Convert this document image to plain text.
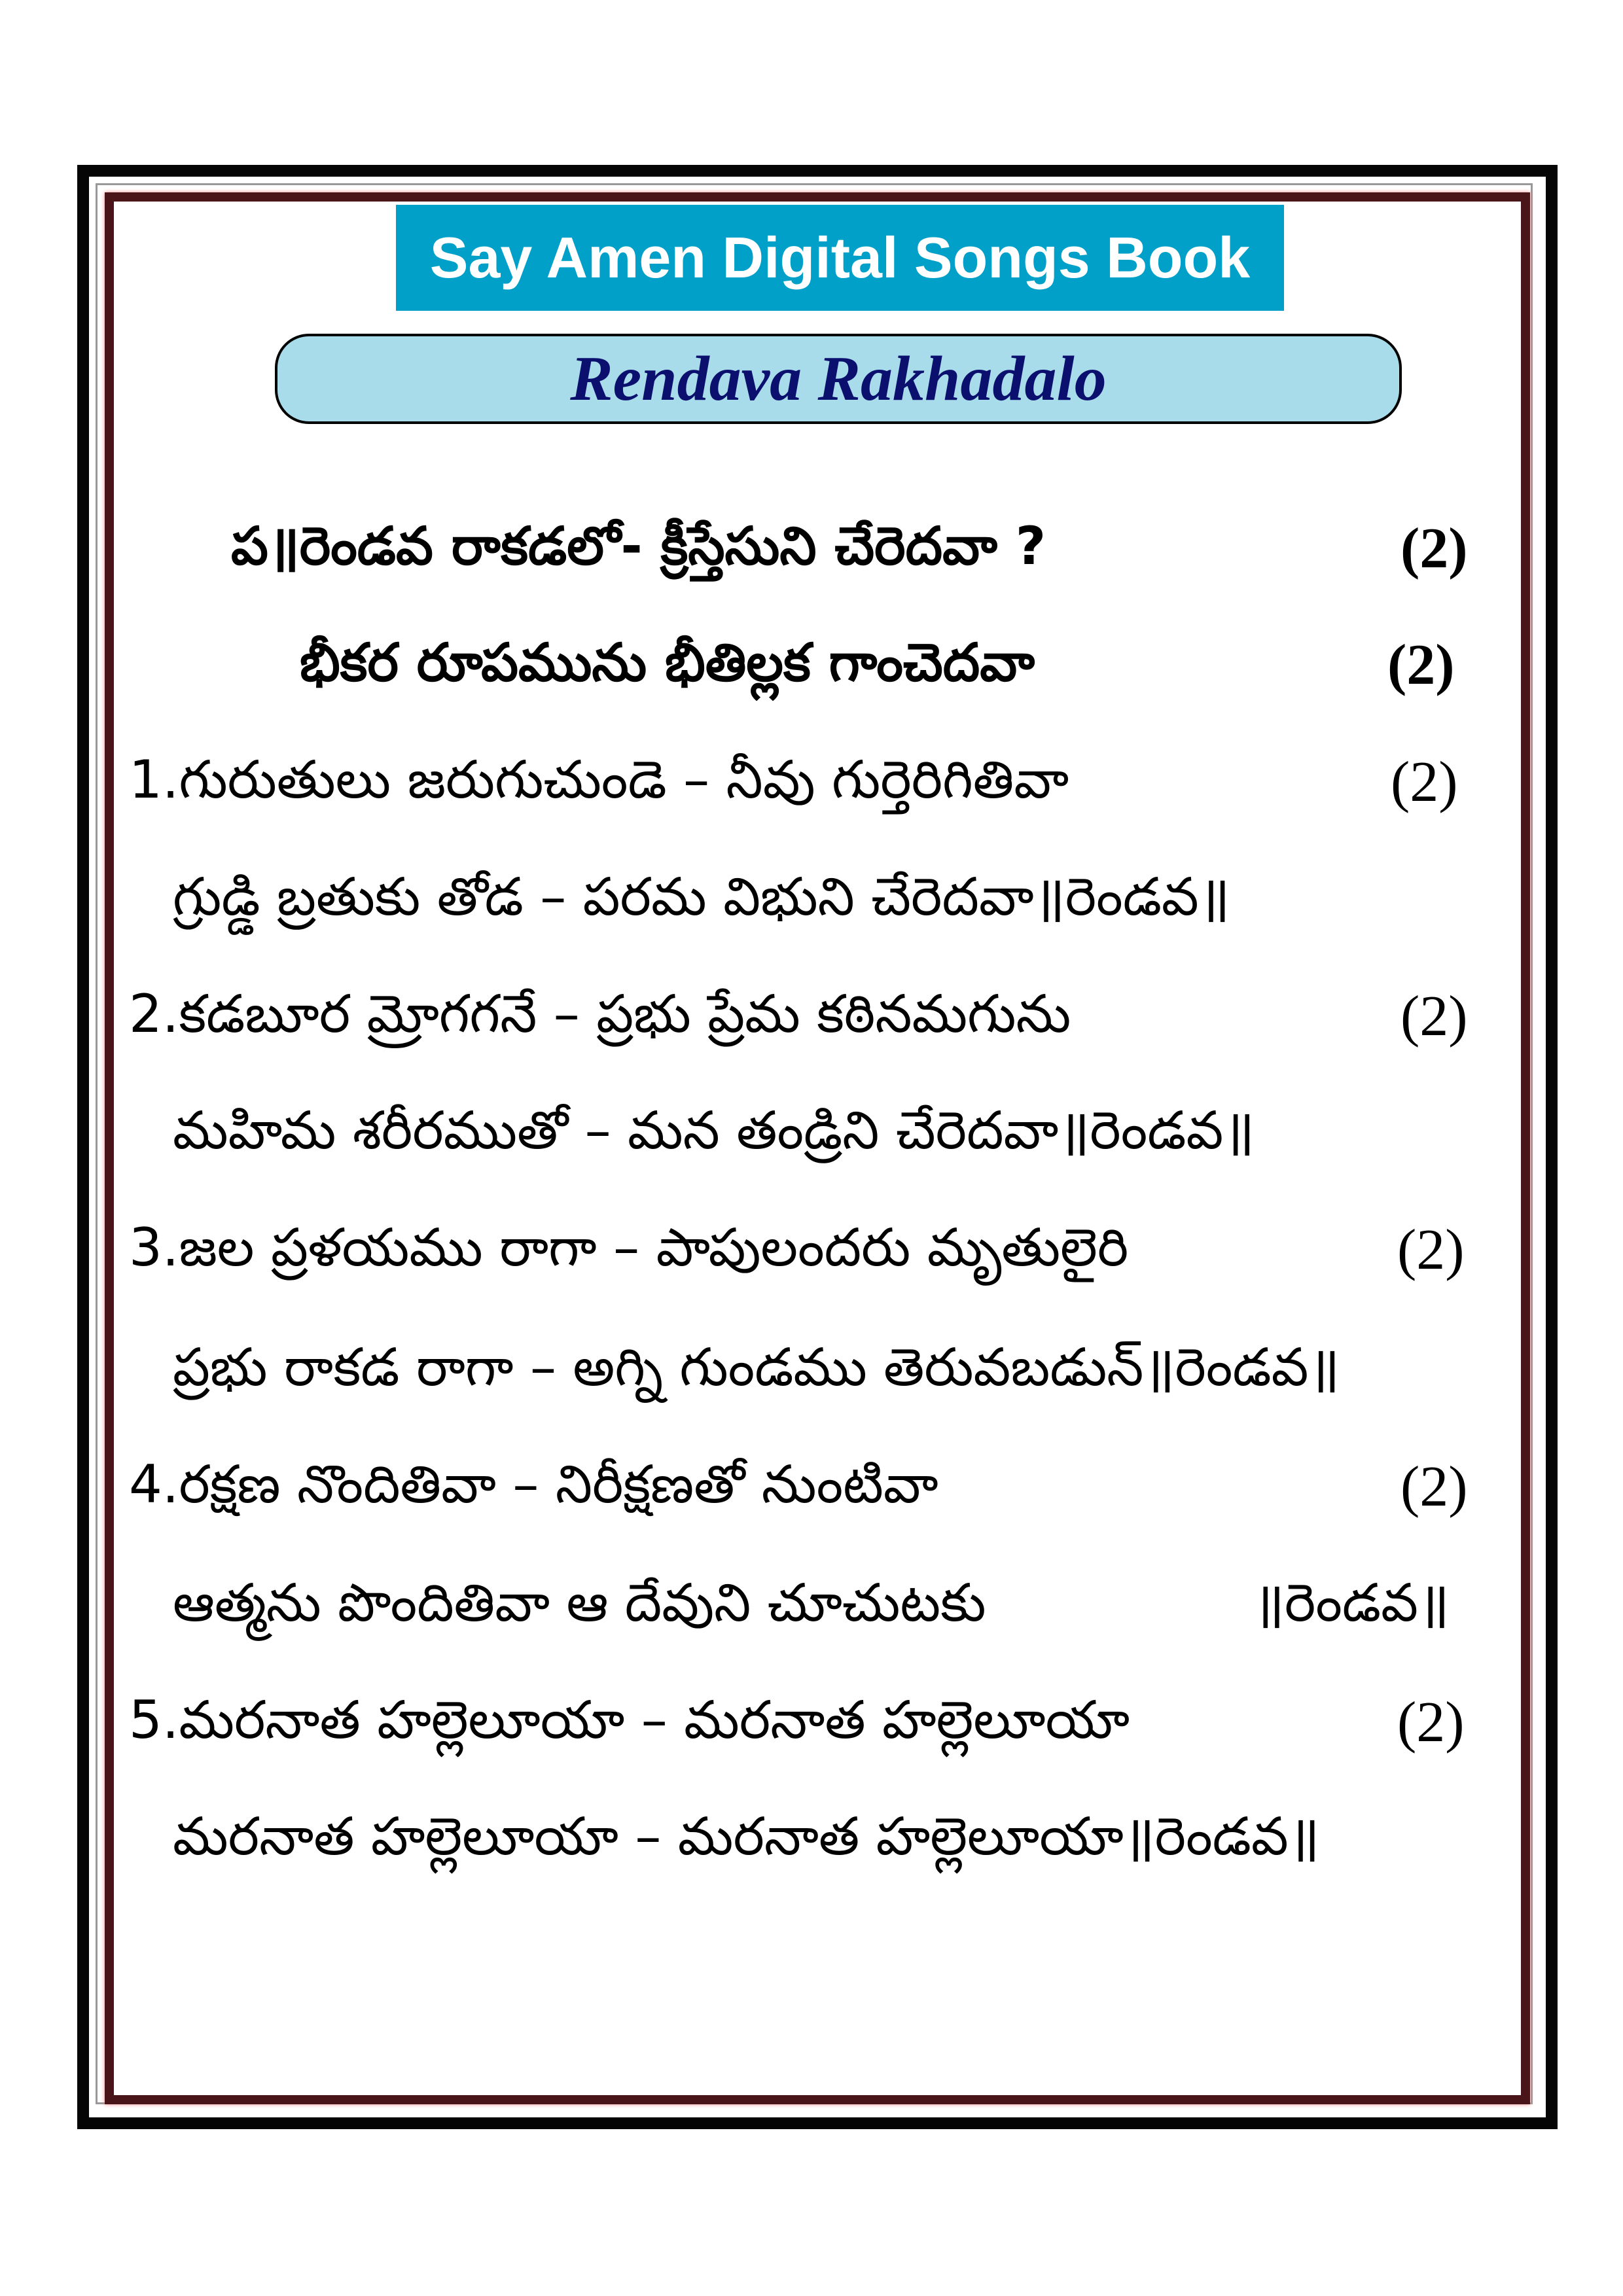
Say Amen Digital Songs Book
Rendava Rakhadalo
ప॥రెండవ రాకడలో- క్రీస్తేసుని చేరెదవా ?	(2)
భీకర రూపమును భీతిల్లక గాంచెదవా	(2)
1.గురుతులు జరుగుచుండె – నీవు గుర్తెరిగితివా	(2)
గ్రుడ్డి బ్రతుకు తోడ – పరమ విభుని చేరెదవా॥రెండవ॥
2.కడబూర మ్రోగగనే – ప్రభు ప్రేమ కఠినమగును	(2)
మహిమ శరీరముతో – మన తండ్రిని చేరెదవా॥రెండవ॥
3.జల ప్రళయము రాగా – పాపులందరు మృతులైరి	(2)
ప్రభు రాకడ రాగా – అగ్ని గుండము తెరువబడున్॥రెండవ॥
4.రక్షణ నొందితివా – నిరీక్షణతో నుంటివా	(2)
ఆత్మను పొందితివా ఆ దేవుని చూచుటకు	॥రెండవ॥
5.మరనాత హల్లెలూయా – మరనాత హల్లెలూయా	(2)
మరనాత హల్లెలూయా – మరనాత హల్లెలూయా॥రెండవ॥
